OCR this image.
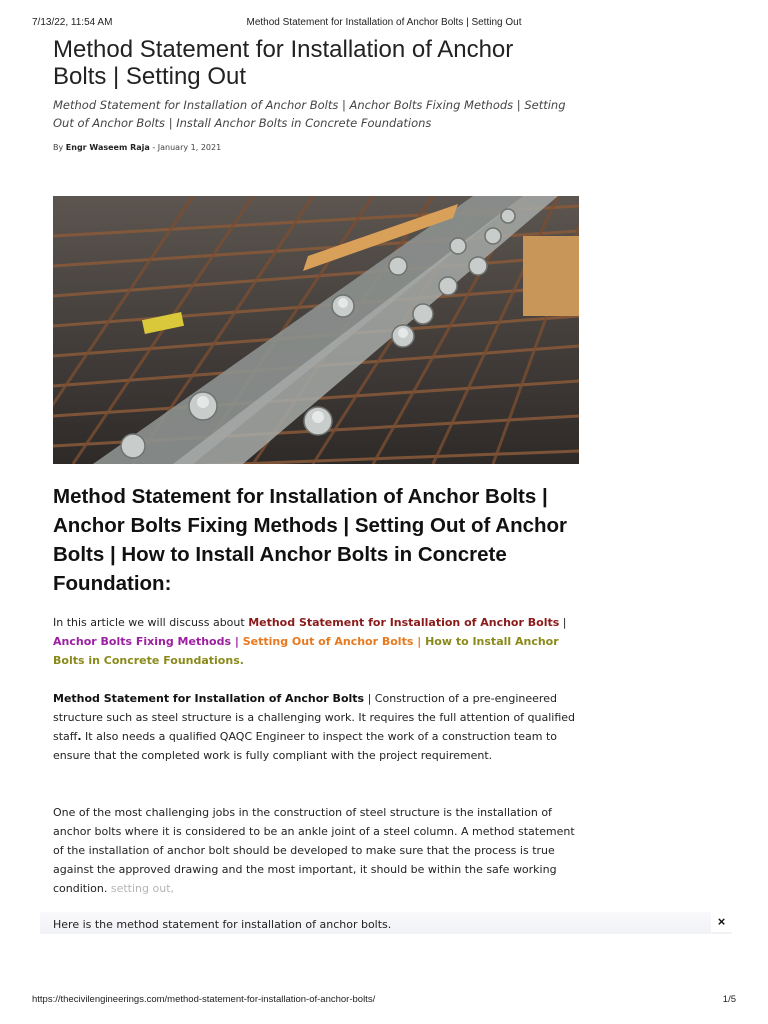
7/13/22, 11:54 AM	Method Statement for Installation of Anchor Bolts | Setting Out
Method Statement for Installation of Anchor Bolts | Setting Out

Method Statement for Installation of Anchor Bolts | Anchor Bolts Fixing Methods | Setting Out of Anchor Bolts | Install Anchor Bolts in Concrete Foundations

By Engr Waseem Raja - January 1, 2021
Method Statement for Installation of Anchor Bolts | Anchor Bolts Fixing Methods | Setting Out of Anchor Bolts | How to Install Anchor Bolts in Concrete Foundation:

In this article we will discuss about Method Statement for Installation of Anchor Bolts | Anchor Bolts Fixing Methods | Setting Out of Anchor Bolts | How to Install Anchor Bolts in Concrete Foundations.

Method Statement for Installation of Anchor Bolts | Construction of a pre-engineered structure such as steel structure is a challenging work. It requires the full attention of qualified staff. It also needs a qualified QAQC Engineer to inspect the work of a construction team to ensure that the completed work is fully compliant with the project requirement.

One of the most challenging jobs in the construction of steel structure is the installation of anchor bolts where it is considered to be an ankle joint of a steel column. A method statement of the installation of anchor bolt should be developed to make sure that the process is true against the approved drawing and the most important, it should be within the safe working condition. setting out,

Here is the method statement for installation of anchor bolts.	×
https://thecivilengineerings.com/method-statement-for-installation-of-anchor-bolts/	1/5
